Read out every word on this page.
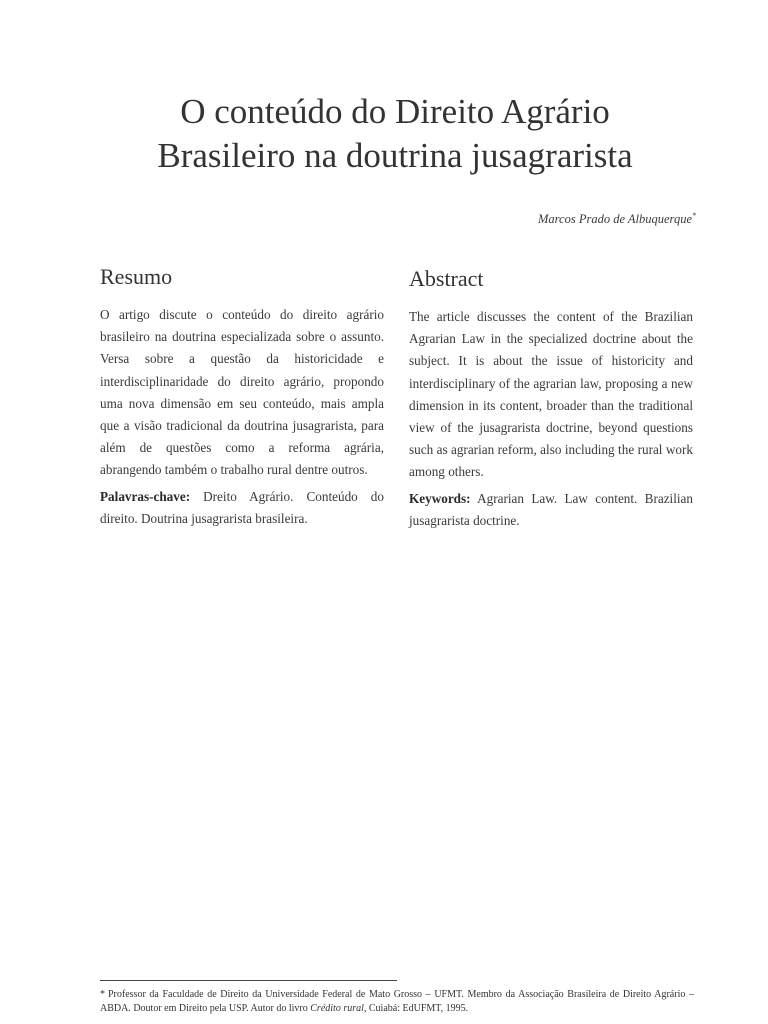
O conteúdo do Direito Agrário
Brasileiro na doutrina jusagrarista
Marcos Prado de Albuquerque*
Resumo

O artigo discute o conteúdo do direito agrário brasileiro na doutrina especializada sobre o assunto. Versa sobre a questão da historicidade e interdisciplinaridade do direito agrário, propondo uma nova dimensão em seu conteúdo, mais ampla que a visão tradicional da doutrina jusagrarista, para além de questões como a reforma agrária, abrangendo também o trabalho rural dentre outros.

Palavras-chave: Dreito Agrário. Conteúdo do direito. Doutrina jusagrarista brasileira.

Abstract

The article discusses the content of the Brazilian Agrarian Law in the specialized doctrine about the subject. It is about the issue of historicity and interdisciplinary of the agrarian law, proposing a new dimension in its content, broader than the traditional view of the jusagrarista doctrine, beyond questions such as agrarian reform, also including the rural work among others.

Keywords: Agrarian Law. Law content. Brazilian jusagrarista doctrine.

* Professor da Faculdade de Direito da Universidade Federal de Mato Grosso – UFMT. Membro da Associação Brasileira de Direito Agrário – ABDA. Doutor em Direito pela USP. Autor do livro Crédito rural, Cuiabá: EdUFMT, 1995.
